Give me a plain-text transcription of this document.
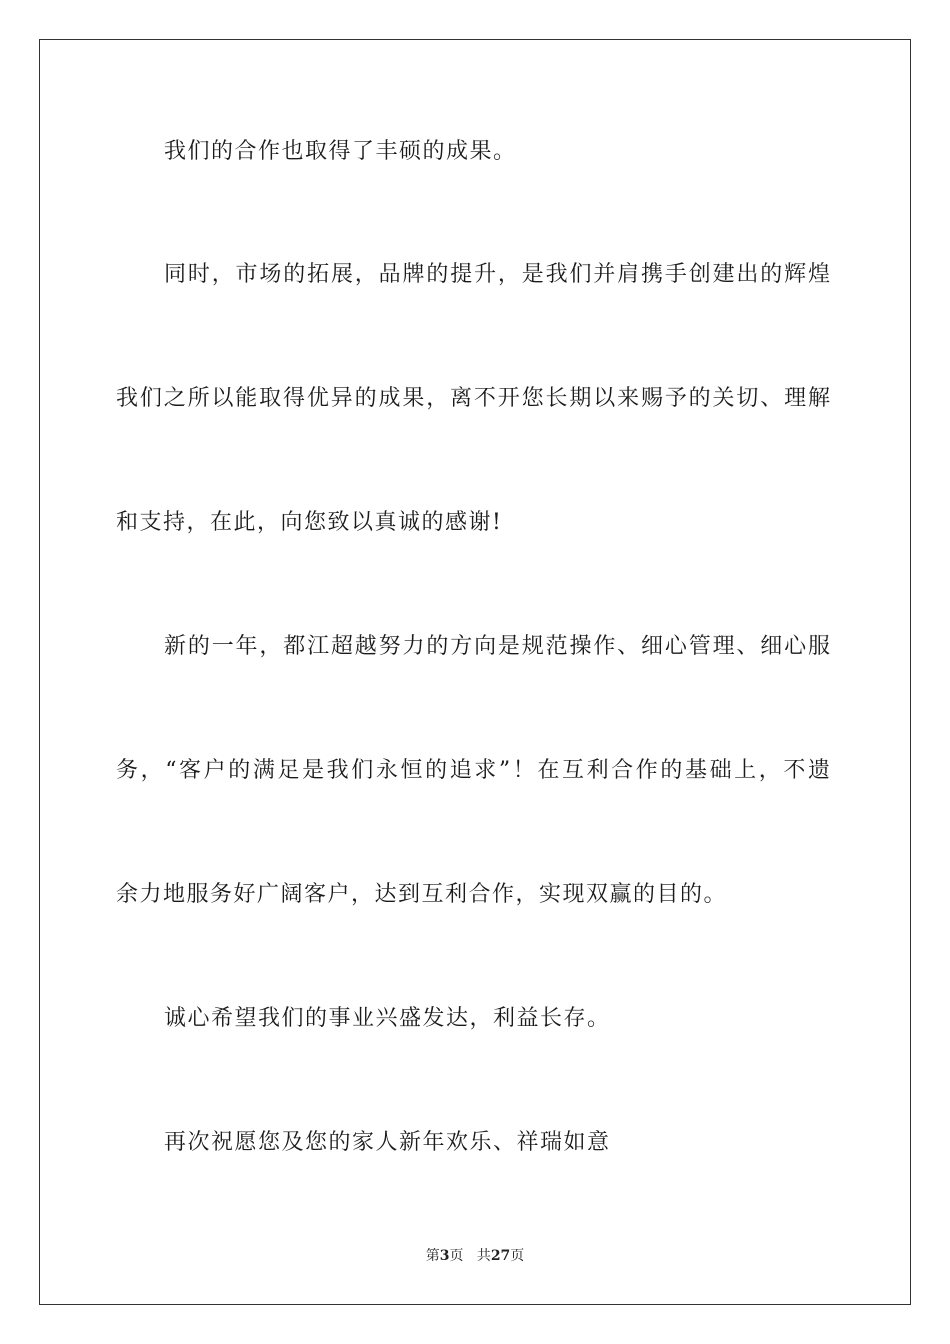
我们的合作也取得了丰硕的成果。
同时，市场的拓展，品牌的提升，是我们并肩携手创建出的辉煌
我们之所以能取得优异的成果，离不开您长期以来赐予的关切、理解
和支持，在此，向您致以真诚的感谢!
新的一年，都江超越努力的方向是规范操作、细心管理、细心服
务，“客户的满足是我们永恒的追求”！在互利合作的基础上，不遗
余力地服务好广阔客户，达到互利合作，实现双赢的目的。
诚心希望我们的事业兴盛发达，利益长存。
再次祝愿您及您的家人新年欢乐、祥瑞如意
第3页 共27页
